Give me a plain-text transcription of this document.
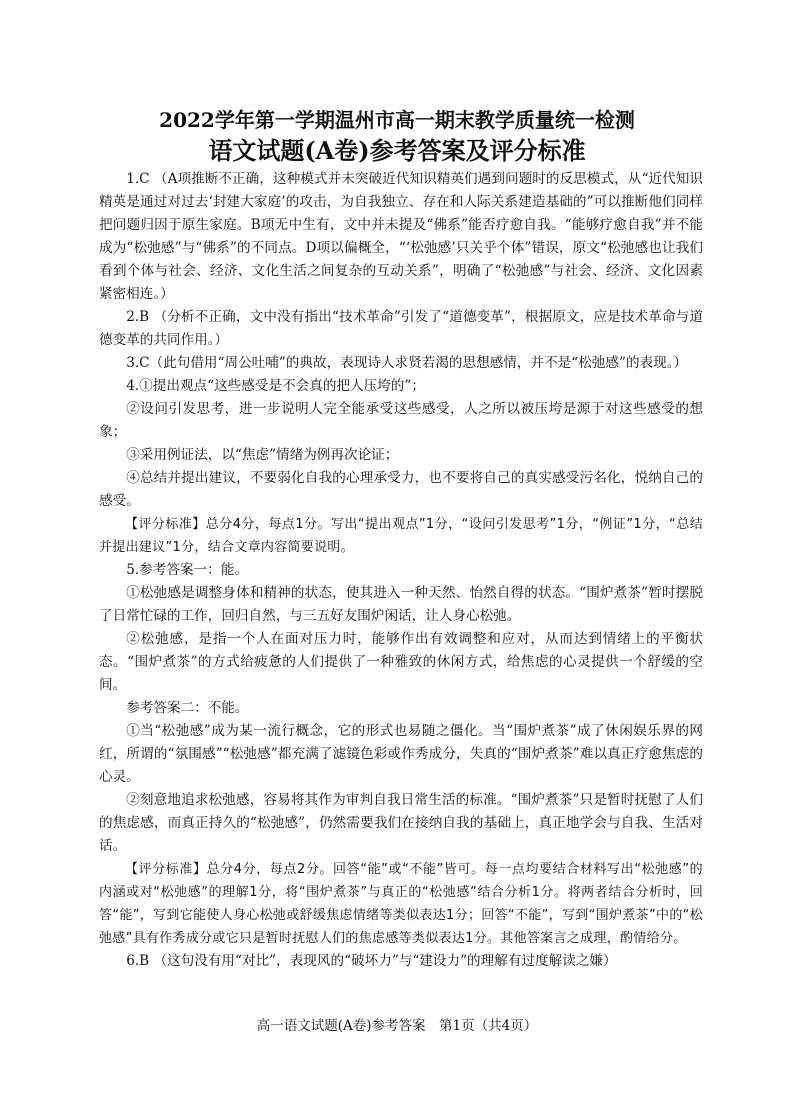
2022学年第一学期温州市高一期末教学质量统一检测
语文试题(A卷)参考答案及评分标准

1.C （A项推断不正确，这种模式并未突破近代知识精英们遇到问题时的反思模式，从“近代知识精英是通过对过去‘封建大家庭’的攻击，为自我独立、存在和人际关系建造基础的”可以推断他们同样把问题归因于原生家庭。B项无中生有，文中并未提及“佛系”能否疗愈自我。“能够疗愈自我”并不能成为“松弛感”与“佛系”的不同点。D项以偏概全，“‘松弛感’只关乎个体”错误，原文“松弛感也让我们看到个体与社会、经济、文化生活之间复杂的互动关系”，明确了“松弛感”与社会、经济、文化因素紧密相连。）

2.B （分析不正确，文中没有指出“技术革命”引发了“道德变革”，根据原文，应是技术革命与道德变革的共同作用。）

3.C（此句借用“周公吐哺”的典故，表现诗人求贤若渴的思想感情，并不是“松弛感”的表现。）

4.①提出观点“这些感受是不会真的把人压垮的”；

②设问引发思考，进一步说明人完全能承受这些感受，人之所以被压垮是源于对这些感受的想象；

③采用例证法，以“焦虑”情绪为例再次论证；

④总结并提出建议，不要弱化自我的心理承受力，也不要将自己的真实感受污名化，悦纳自己的感受。

【评分标准】总分4分，每点1分。写出“提出观点”1分，“设问引发思考”1分，“例证”1分，“总结并提出建议”1分，结合文章内容简要说明。

5.参考答案一：能。

①松弛感是调整身体和精神的状态，使其进入一种天然、怡然自得的状态。“围炉煮茶”暂时摆脱了日常忙碌的工作，回归自然，与三五好友围炉闲话，让人身心松弛。

②松弛感，是指一个人在面对压力时，能够作出有效调整和应对，从而达到情绪上的平衡状态。“围炉煮茶”的方式给疲惫的人们提供了一种雅致的休闲方式，给焦虑的心灵提供一个舒缓的空间。

参考答案二：不能。

①当“松弛感”成为某一流行概念，它的形式也易随之僵化。当“围炉煮茶”成了休闲娱乐界的网红，所谓的“氛围感”“松弛感”都充满了滤镜色彩或作秀成分，失真的“围炉煮茶”难以真正疗愈焦虑的心灵。

②刻意地追求松弛感，容易将其作为审判自我日常生活的标准。“围炉煮茶”只是暂时抚慰了人们的焦虑感，而真正持久的“松弛感”，仍然需要我们在接纳自我的基础上，真正地学会与自我、生活对话。

【评分标准】总分4分，每点2分。回答“能”或“不能”皆可。每一点均要结合材料写出“松弛感”的内涵或对“松弛感”的理解1分，将“围炉煮茶”与真正的“松弛感”结合分析1分。将两者结合分析时，回答“能”，写到它能使人身心松弛或舒缓焦虑情绪等类似表达1分；回答“不能”，写到“围炉煮茶”中的“松弛感”具有作秀成分或它只是暂时抚慰人们的焦虑感等类似表达1分。其他答案言之成理，酌情给分。

6.B （这句没有用“对比”，表现风的“破坏力”与“建设力”的理解有过度解读之嫌）

高一语文试题(A卷)参考答案　第1页（共4页）
